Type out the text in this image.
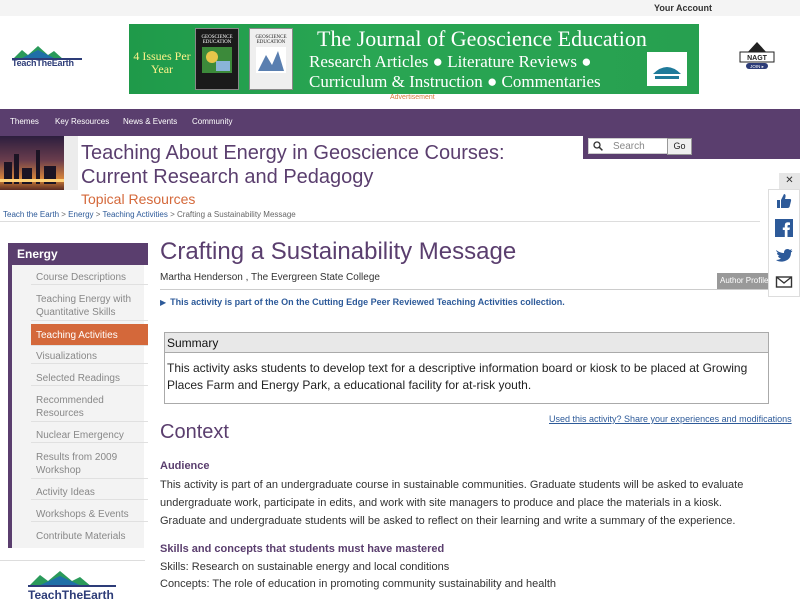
Your Account
TeachTheEarth	4 Issues Per Year
GEOSCIENCE EDUCATION
GEOSCIENCE EDUCATION	The Journal of Geoscience Education
Research Articles ● Literature Reviews ●
Curriculum & Instruction ● Commentaries
Advertisement
NAGT
JOIN ▸
Themes Key Resources News & Events Community
Teaching About Energy in Geoscience Courses:
Current Research and Pedagogy
Topical Resources
Search	Go
Teach the Earth > Energy > Teaching Activities > Crafting a Sustainability Message
Energy
Course Descriptions
Teaching Energy with Quantitative Skills
Teaching Activities
Visualizations
Selected Readings
Recommended Resources
Nuclear Emergency
Results from 2009 Workshop
Activity Ideas
Workshops & Events
Contribute Materials
TeachTheEarth
Crafting a Sustainability Message
Martha Henderson , The Evergreen State College	Author Profile
▶ This activity is part of the On the Cutting Edge Peer Reviewed Teaching Activities collection.
Summary
This activity asks students to develop text for a descriptive information board or kiosk to be placed at Growing Places Farm and Energy Park, a educational facility for at-risk youth.
Used this activity? Share your experiences and modifications
Context
Audience
This activity is part of an undergraduate course in sustainable communities. Graduate students will be asked to evaluate undergraduate work, participate in edits, and work with site managers to produce and place the materials in a kiosk. Graduate and undergraduate students will be asked to reflect on their learning and write a summary of the experience.
Skills and concepts that students must have mastered
Skills: Research on sustainable energy and local conditions
Concepts: The role of education in promoting community sustainability and health
✕
